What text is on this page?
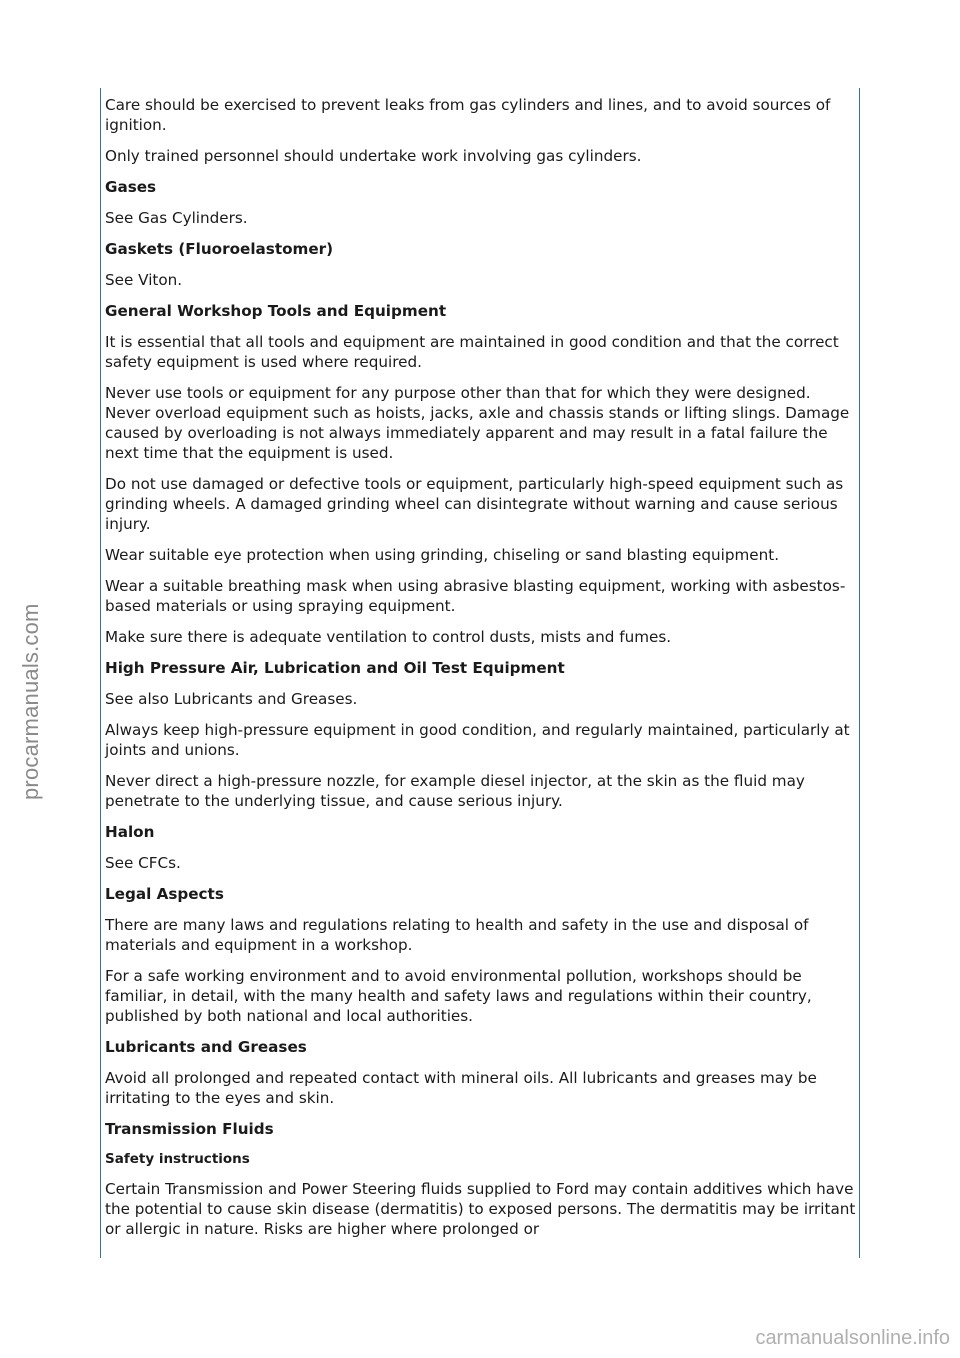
procarmanuals.com

Care should be exercised to prevent leaks from gas cylinders and lines, and to avoid sources of ignition.

Only trained personnel should undertake work involving gas cylinders.

Gases

See Gas Cylinders.

Gaskets (Fluoroelastomer)

See Viton.

General Workshop Tools and Equipment

It is essential that all tools and equipment are maintained in good condition and that the correct safety equipment is used where required.

Never use tools or equipment for any purpose other than that for which they were designed. Never overload equipment such as hoists, jacks, axle and chassis stands or lifting slings. Damage caused by overloading is not always immediately apparent and may result in a fatal failure the next time that the equipment is used.

Do not use damaged or defective tools or equipment, particularly high-speed equipment such as grinding wheels. A damaged grinding wheel can disintegrate without warning and cause serious injury.

Wear suitable eye protection when using grinding, chiseling or sand blasting equipment.

Wear a suitable breathing mask when using abrasive blasting equipment, working with asbestos-based materials or using spraying equipment.

Make sure there is adequate ventilation to control dusts, mists and fumes.

High Pressure Air, Lubrication and Oil Test Equipment

See also Lubricants and Greases.

Always keep high-pressure equipment in good condition, and regularly maintained, particularly at joints and unions.

Never direct a high-pressure nozzle, for example diesel injector, at the skin as the fluid may penetrate to the underlying tissue, and cause serious injury.

Halon

See CFCs.

Legal Aspects

There are many laws and regulations relating to health and safety in the use and disposal of materials and equipment in a workshop.

For a safe working environment and to avoid environmental pollution, workshops should be familiar, in detail, with the many health and safety laws and regulations within their country, published by both national and local authorities.

Lubricants and Greases

Avoid all prolonged and repeated contact with mineral oils. All lubricants and greases may be irritating to the eyes and skin.

Transmission Fluids
Safety instructions

Certain Transmission and Power Steering fluids supplied to Ford may contain additives which have the potential to cause skin disease (dermatitis) to exposed persons. The dermatitis may be irritant or allergic in nature. Risks are higher where prolonged or

carmanualsonline.info
